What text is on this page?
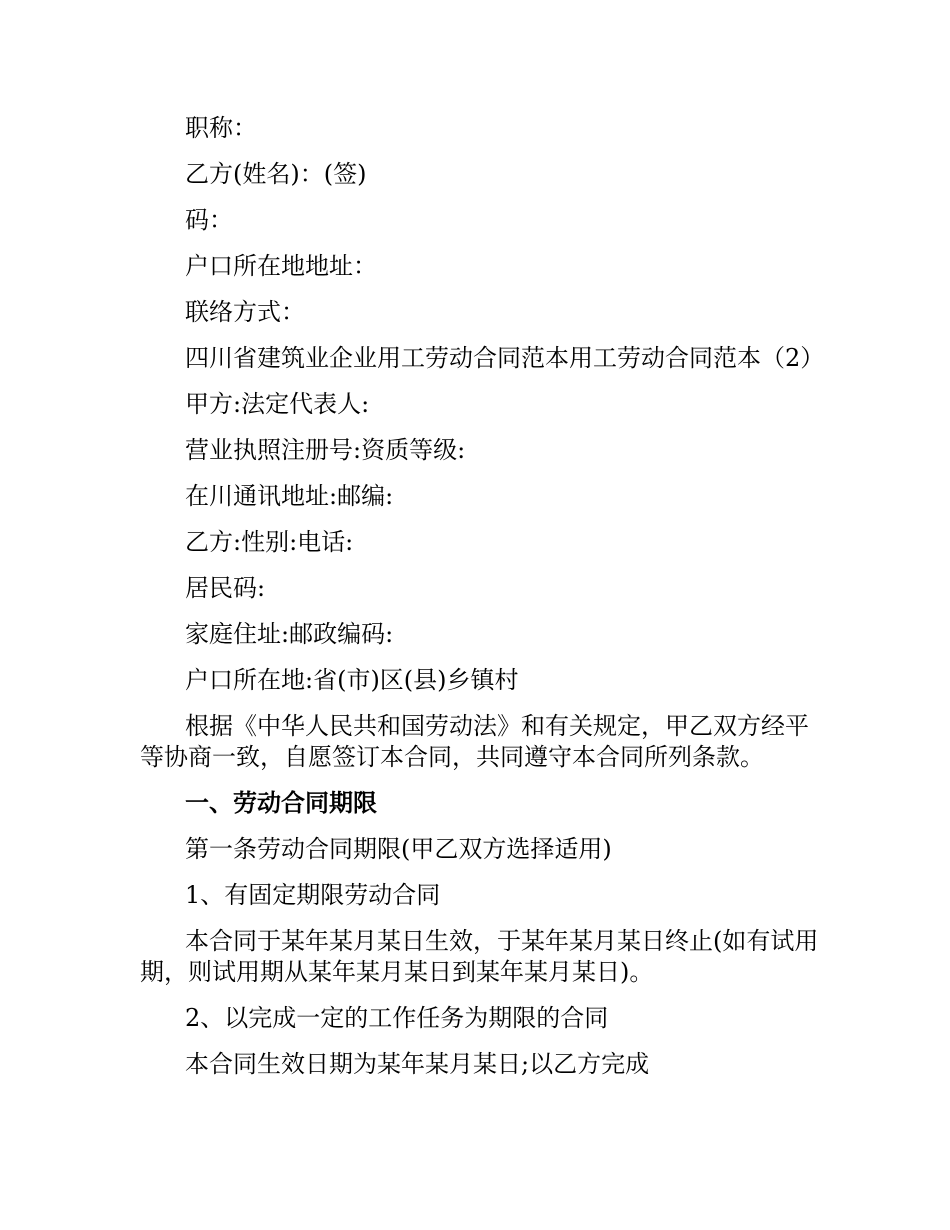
职称：

乙方(姓名)：(签)

码：

户口所在地地址：

联络方式：

四川省建筑业企业用工劳动合同范本用工劳动合同范本（2）

甲方:法定代表人:

营业执照注册号:资质等级:

在川通讯地址:邮编:

乙方:性别:电话:

居民码:

家庭住址:邮政编码:

户口所在地:省(市)区(县)乡镇村

根据《中华人民共和国劳动法》和有关规定，甲乙双方经平等协商一致，自愿签订本合同，共同遵守本合同所列条款。

一、劳动合同期限

第一条劳动合同期限(甲乙双方选择适用)

1、有固定期限劳动合同

本合同于某年某月某日生效，于某年某月某日终止(如有试用期，则试用期从某年某月某日到某年某月某日)。

2、以完成一定的工作任务为期限的合同

本合同生效日期为某年某月某日;以乙方完成
